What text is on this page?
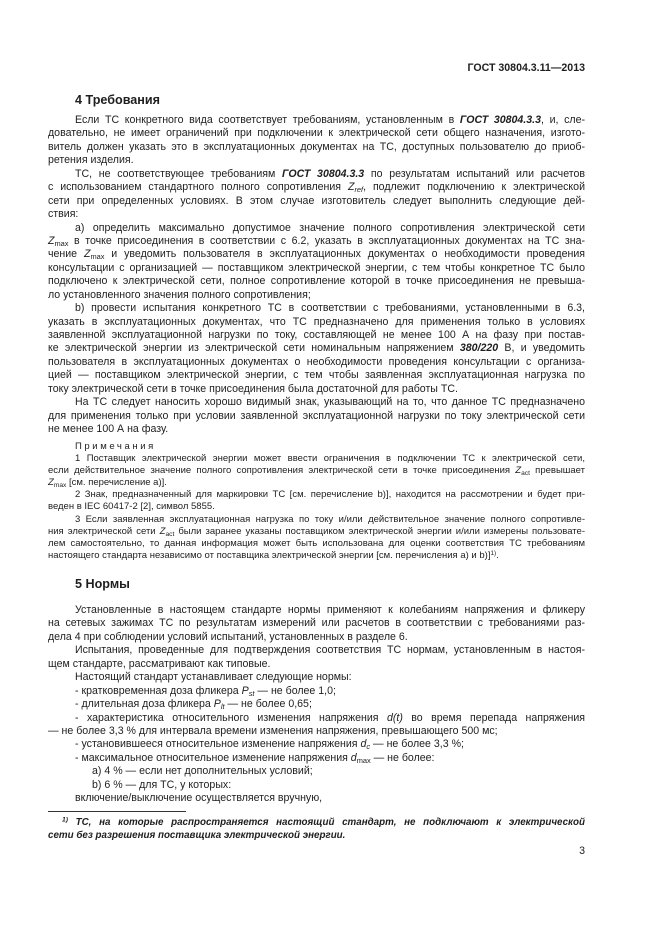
ГОСТ 30804.3.11—2013
4 Требования
Если ТС конкретного вида соответствует требованиям, установленным в ГОСТ 30804.3.3, и, сле-
довательно, не имеет ограничений при подключении к электрической сети общего назначения, изгото-
витель должен указать это в эксплуатационных документах на ТС, доступных пользователю до приоб-
ретения изделия.
ТС, не соответствующее требованиям ГОСТ 30804.3.3 по результатам испытаний или расчетов
с использованием стандартного полного сопротивления $Z_{ref}$, подлежит подключению к электрической
сети при определенных условиях. В этом случае изготовитель следует выполнить следующие дей-
ствия:
а) определить максимально допустимое значение полного сопротивления электрической сети
$Z_{max}$ в точке присоединения в соответствии с 6.2, указать в эксплуатационных документах на ТС зна-
чение $Z_{max}$ и уведомить пользователя в эксплуатационных документах о необходимости проведения
консультации с организацией — поставщиком электрической энергии, с тем чтобы конкретное ТС было
подключено к электрической сети, полное сопротивление которой в точке присоединения не превыша-
ло установленного значения полного сопротивления;
b) провести испытания конкретного ТС в соответствии с требованиями, установленными в 6.3,
указать в эксплуатационных документах, что ТС предназначено для применения только в условиях
заявленной эксплуатационной нагрузки по току, составляющей не менее 100 А на фазу при постав-
ке электрической энергии из электрической сети номинальным напряжением 380/220 В, и уведомить
пользователя в эксплуатационных документах о необходимости проведения консультации с организа-
цией — поставщиком электрической энергии, с тем чтобы заявленная эксплуатационная нагрузка по
току электрической сети в точке присоединения была достаточной для работы ТС.
На ТС следует наносить хорошо видимый знак, указывающий на то, что данное ТС предназначено
для применения только при условии заявленной эксплуатационной нагрузки по току электрической сети
не менее 100 А на фазу.
Примечания
1 Поставщик электрической энергии может ввести ограничения в подключении ТС к электрической сети,
если действительное значение полного сопротивления электрической сети в точке присоединения $Z_{act}$ превышает
$Z_{max}$ [см. перечисление а)].
2 Знак, предназначенный для маркировки ТС [см. перечисление b)], находится на рассмотрении и будет при-
веден в IEC 60417-2 [2], символ 5855.
3 Если заявленная эксплуатационная нагрузка по току и/или действительное значение полного сопротивле-
ния электрической сети $Z_{act}$ были заранее указаны поставщиком электрической энергии и/или измерены пользовате-
лем самостоятельно, то данная информация может быть использована для оценки соответствия ТС требованиям
настоящего стандарта независимо от поставщика электрической энергии [см. перечисления а) и b)]$^{1)}$.
5 Нормы
Установленные в настоящем стандарте нормы применяют к колебаниям напряжения и фликеру
на сетевых зажимах ТС по результатам измерений или расчетов в соответствии с требованиями раз-
дела 4 при соблюдении условий испытаний, установленных в разделе 6.
Испытания, проведенные для подтверждения соответствия ТС нормам, установленным в настоя-
щем стандарте, рассматривают как типовые.
Настоящий стандарт устанавливает следующие нормы:
- кратковременная доза фликера $P_{st}$ — не более 1,0;
- длительная доза фликера $P_{lt}$ — не более 0,65;
- характеристика относительного изменения напряжения d(t) во время перепада напряжения
— не более 3,3 % для интервала времени изменения напряжения, превышающего 500 мс;
- установившееся относительное изменение напряжения $d_c$ — не более 3,3 %;
- максимальное относительное изменение напряжения $d_{max}$ — не более:
а) 4 % — если нет дополнительных условий;
b) 6 % — для ТС, у которых:
включение/выключение осуществляется вручную,
$^{1)}$ ТС, на которые распространяется настоящий стандарт, не подключают к электрической
сети без разрешения поставщика электрической энергии.
3
